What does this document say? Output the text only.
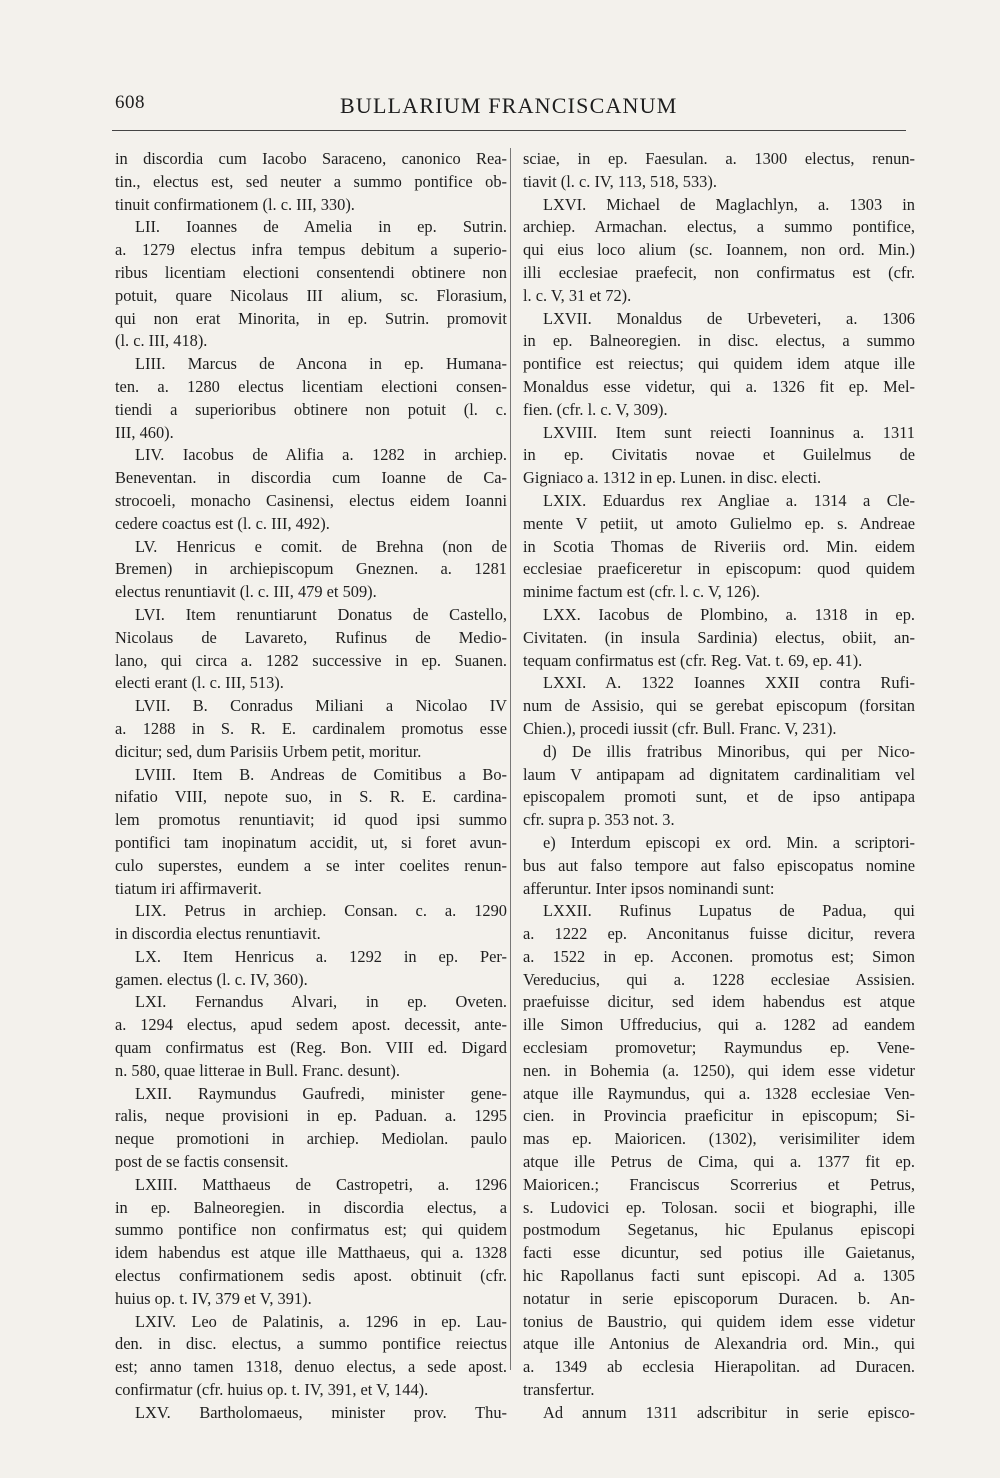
608	BULLARIUM FRANCISCANUM
in discordia cum Iacobo Saraceno, canonico Rea-
tin., electus est, sed neuter a summo pontifice ob-
tinuit confirmationem (l. c. III, 330).
LII. Ioannes de Amelia in ep. Sutrin.
a. 1279 electus infra tempus debitum a superio-
ribus licentiam electioni consentendi obtinere non
potuit, quare Nicolaus III alium, sc. Florasium,
qui non erat Minorita, in ep. Sutrin. promovit
(l. c. III, 418).
LIII. Marcus de Ancona in ep. Humana-
ten. a. 1280 electus licentiam electioni consen-
tiendi a superioribus obtinere non potuit (l. c.
III, 460).
LIV. Iacobus de Alifia a. 1282 in archiep.
Beneventan. in discordia cum Ioanne de Ca-
strocoeli, monacho Casinensi, electus eidem Ioanni
cedere coactus est (l. c. III, 492).
LV. Henricus e comit. de Brehna (non de
Bremen) in archiepiscopum Gneznen. a. 1281
electus renuntiavit (l. c. III, 479 et 509).
LVI. Item renuntiarunt Donatus de Castello,
Nicolaus de Lavareto, Rufinus de Medio-
lano, qui circa a. 1282 successive in ep. Suanen.
electi erant (l. c. III, 513).
LVII. B. Conradus Miliani a Nicolao IV
a. 1288 in S. R. E. cardinalem promotus esse
dicitur; sed, dum Parisiis Urbem petit, moritur.
LVIII. Item B. Andreas de Comitibus a Bo-
nifatio VIII, nepote suo, in S. R. E. cardina-
lem promotus renuntiavit; id quod ipsi summo
pontifici tam inopinatum accidit, ut, si foret avun-
culo superstes, eundem a se inter coelites renun-
tiatum iri affirmaverit.
LIX. Petrus in archiep. Consan. c. a. 1290
in discordia electus renuntiavit.
LX. Item Henricus a. 1292 in ep. Per-
gamen. electus (l. c. IV, 360).
LXI. Fernandus Alvari, in ep. Oveten.
a. 1294 electus, apud sedem apost. decessit, ante-
quam confirmatus est (Reg. Bon. VIII ed. Digard
n. 580, quae litterae in Bull. Franc. desunt).
LXII. Raymundus Gaufredi, minister gene-
ralis, neque provisioni in ep. Paduan. a. 1295
neque promotioni in archiep. Mediolan. paulo
post de se factis consensit.
LXIII. Matthaeus de Castropetri, a. 1296
in ep. Balneoregien. in discordia electus, a
summo pontifice non confirmatus est; qui quidem
idem habendus est atque ille Matthaeus, qui a. 1328
electus confirmationem sedis apost. obtinuit (cfr.
huius op. t. IV, 379 et V, 391).
LXIV. Leo de Palatinis, a. 1296 in ep. Lau-
den. in disc. electus, a summo pontifice reiectus
est; anno tamen 1318, denuo electus, a sede apost.
confirmatur (cfr. huius op. t. IV, 391, et V, 144).
LXV. Bartholomaeus, minister prov. Thu-
sciae, in ep. Faesulan. a. 1300 electus, renun-
tiavit (l. c. IV, 113, 518, 533).
LXVI. Michael de Maglachlyn, a. 1303 in
archiep. Armachan. electus, a summo pontifice,
qui eius loco alium (sc. Ioannem, non ord. Min.)
illi ecclesiae praefecit, non confirmatus est (cfr.
l. c. V, 31 et 72).
LXVII. Monaldus de Urbeveteri, a. 1306
in ep. Balneoregien. in disc. electus, a summo
pontifice est reiectus; qui quidem idem atque ille
Monaldus esse videtur, qui a. 1326 fit ep. Mel-
fien. (cfr. l. c. V, 309).
LXVIII. Item sunt reiecti Ioanninus a. 1311
in ep. Civitatis novae et Guilelmus de
Gigniaco a. 1312 in ep. Lunen. in disc. electi.
LXIX. Eduardus rex Angliae a. 1314 a Cle-
mente V petiit, ut amoto Gulielmo ep. s. Andreae
in Scotia Thomas de Riveriis ord. Min. eidem
ecclesiae praeficeretur in episcopum: quod quidem
minime factum est (cfr. l. c. V, 126).
LXX. Iacobus de Plombino, a. 1318 in ep.
Civitaten. (in insula Sardinia) electus, obiit, an-
tequam confirmatus est (cfr. Reg. Vat. t. 69, ep. 41).
LXXI. A. 1322 Ioannes XXII contra Rufi-
num de Assisio, qui se gerebat episcopum (forsitan
Chien.), procedi iussit (cfr. Bull. Franc. V, 231).
d) De illis fratribus Minoribus, qui per Nico-
laum V antipapam ad dignitatem cardinalitiam vel
episcopalem promoti sunt, et de ipso antipapa
cfr. supra p. 353 not. 3.
e) Interdum episcopi ex ord. Min. a scriptori-
bus aut falso tempore aut falso episcopatus nomine
afferuntur. Inter ipsos nominandi sunt:
LXXII. Rufinus Lupatus de Padua, qui
a. 1222 ep. Anconitanus fuisse dicitur, revera
a. 1522 in ep. Acconen. promotus est; Simon
Vereducius, qui a. 1228 ecclesiae Assisien.
praefuisse dicitur, sed idem habendus est atque
ille Simon Uffreducius, qui a. 1282 ad eandem
ecclesiam promovetur; Raymundus ep. Vene-
nen. in Bohemia (a. 1250), qui idem esse videtur
atque ille Raymundus, qui a. 1328 ecclesiae Ven-
cien. in Provincia praeficitur in episcopum; Si-
mas ep. Maioricen. (1302), verisimiliter idem
atque ille Petrus de Cima, qui a. 1377 fit ep.
Maioricen.; Franciscus Scorrerius et Petrus,
s. Ludovici ep. Tolosan. socii et biographi, ille
postmodum Segetanus, hic Epulanus episcopi
facti esse dicuntur, sed potius ille Gaietanus,
hic Rapollanus facti sunt episcopi. Ad a. 1305
notatur in serie episcoporum Duracen. b. An-
tonius de Baustrio, qui quidem idem esse videtur
atque ille Antonius de Alexandria ord. Min., qui
a. 1349 ab ecclesia Hierapolitan. ad Duracen.
transfertur.
Ad annum 1311 adscribitur in serie episco-
